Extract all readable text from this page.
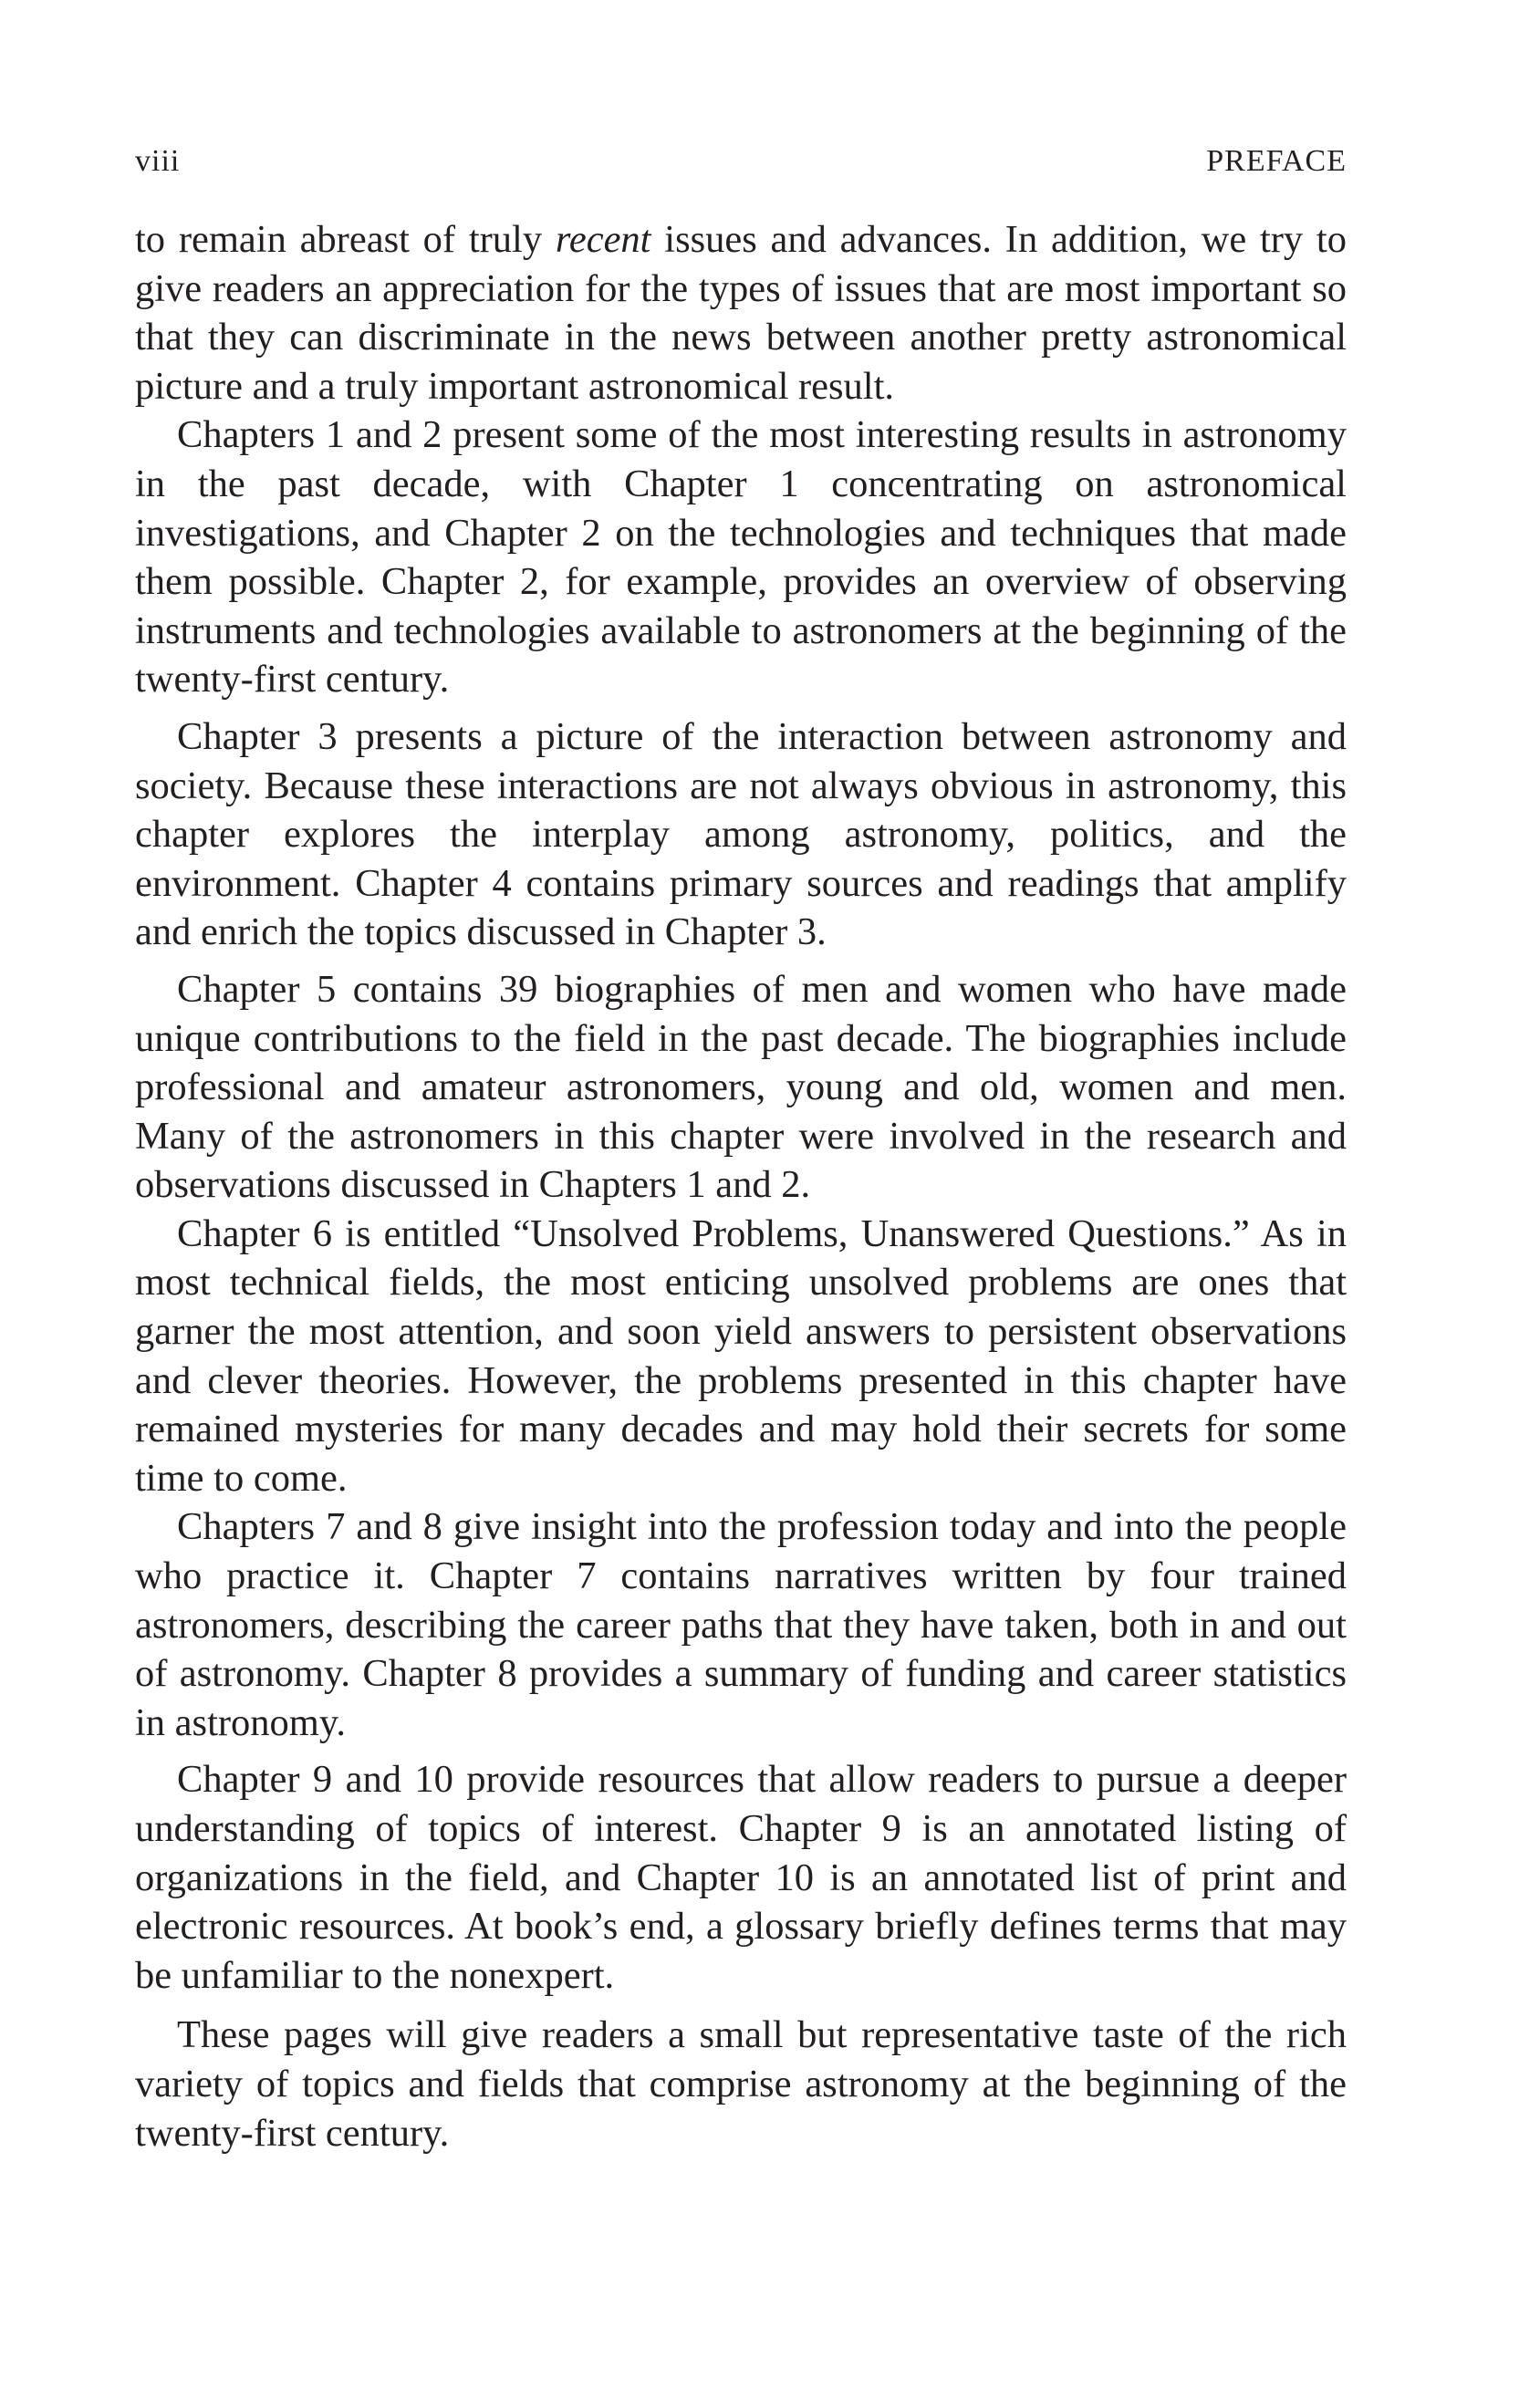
viii	PREFACE

to remain abreast of truly recent issues and advances. In addition, we try to give readers an appreciation for the types of issues that are most important so that they can discriminate in the news between another pretty astronomical picture and a truly important astronomical result.

Chapters 1 and 2 present some of the most interesting results in astronomy in the past decade, with Chapter 1 concentrating on astronomical investigations, and Chapter 2 on the technologies and techniques that made them possible. Chapter 2, for example, provides an overview of observing instruments and technologies available to astronomers at the beginning of the twenty-first century.

Chapter 3 presents a picture of the interaction between astronomy and society. Because these interactions are not always obvious in astronomy, this chapter explores the interplay among astronomy, politics, and the environment. Chapter 4 contains primary sources and readings that amplify and enrich the topics discussed in Chapter 3.

Chapter 5 contains 39 biographies of men and women who have made unique contributions to the field in the past decade. The biographies include professional and amateur astronomers, young and old, women and men. Many of the astronomers in this chapter were involved in the research and observations discussed in Chapters 1 and 2.

Chapter 6 is entitled “Unsolved Problems, Unanswered Questions.” As in most technical fields, the most enticing unsolved problems are ones that garner the most attention, and soon yield answers to persistent observations and clever theories. However, the problems presented in this chapter have remained mysteries for many decades and may hold their secrets for some time to come.

Chapters 7 and 8 give insight into the profession today and into the people who practice it. Chapter 7 contains narratives written by four trained astronomers, describing the career paths that they have taken, both in and out of astronomy. Chapter 8 provides a summary of funding and career statistics in astronomy.

Chapter 9 and 10 provide resources that allow readers to pursue a deeper understanding of topics of interest. Chapter 9 is an annotated listing of organizations in the field, and Chapter 10 is an annotated list of print and electronic resources. At book’s end, a glossary briefly defines terms that may be unfamiliar to the nonexpert.

These pages will give readers a small but representative taste of the rich variety of topics and fields that comprise astronomy at the beginning of the twenty-first century.
